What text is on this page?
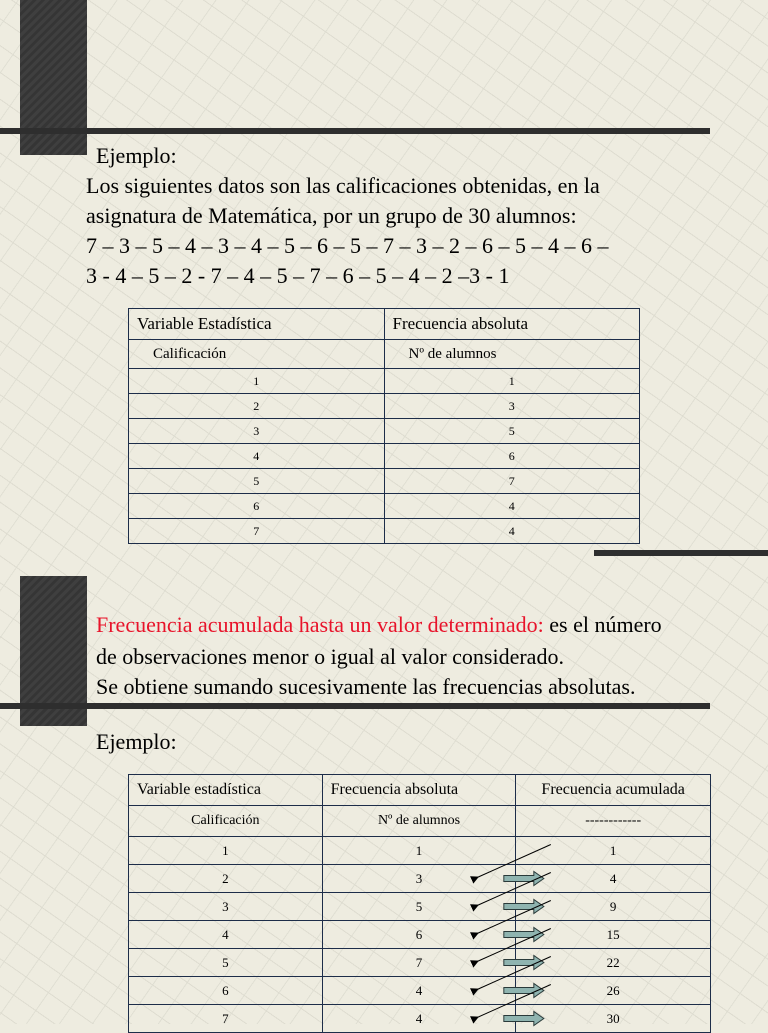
Ejemplo:
Los siguientes datos son las calificaciones obtenidas, en la
asignatura de Matemática, por un grupo de 30 alumnos:
7 – 3 – 5 – 4 – 3 – 4 – 5 – 6 – 5 – 7 – 3 – 2 – 6 – 5 – 4 – 6 –
3 - 4 – 5 – 2 - 7 – 4 – 5 – 7 – 6 – 5 – 4 – 2 –3 - 1
Variable Estadística	Frecuencia absoluta
Calificación	Nº de alumnos
1	1
2	3
3	5
4	6
5	7
6	4
7	4
Frecuencia acumulada hasta un valor determinado: es el número
de observaciones menor o igual al valor considerado.
Se obtiene sumando sucesivamente las frecuencias absolutas.
Ejemplo:
Variable estadística	Frecuencia absoluta	Frecuencia acumulada
Calificación	Nº de alumnos	------------
1	1	1
2	3	4
3	5	9
4	6	15
5	7	22
6	4	26
7	4	30
